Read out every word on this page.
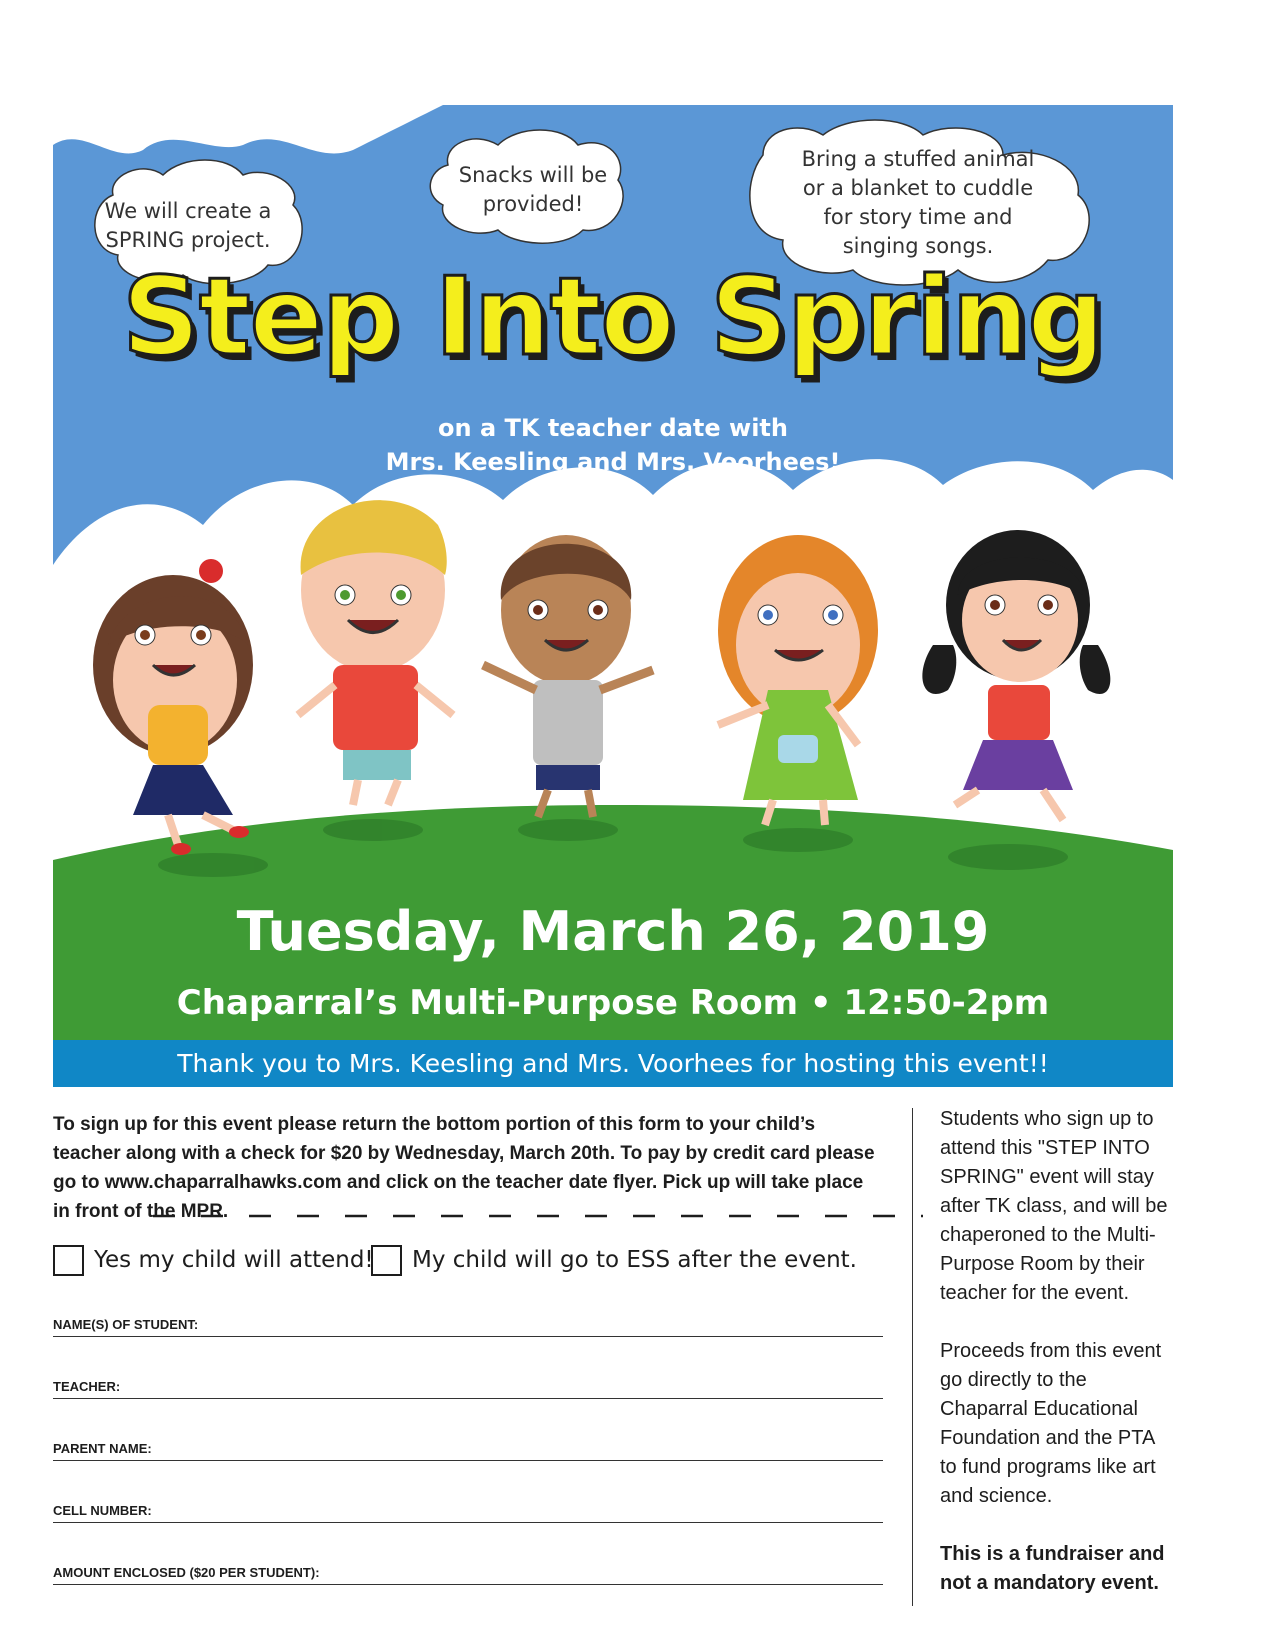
We will create a SPRING project.
Snacks will be provided!
Bring a stuffed animal or a blanket to cuddle for story time and singing songs.
Step Into Spring
on a TK teacher date with
Mrs. Keesling and Mrs. Voorhees!
Tuesday, March 26, 2019
Chaparral’s Multi-Purpose Room • 12:50-2pm
Thank you to Mrs. Keesling and Mrs. Voorhees for hosting this event!!

To sign up for this event please return the bottom portion of this form to your child’s teacher along with a check for $20 by Wednesday, March 20th. To pay by credit card please go to www.chaparralhawks.com and click on the teacher date flyer. Pick up will take place in front of the MPR.

Yes my child will attend! My child will go to ESS after the event.
NAME(S) OF STUDENT:
TEACHER:
PARENT NAME:
CELL NUMBER:
AMOUNT ENCLOSED ($20 PER STUDENT):

Students who sign up to attend this "STEP INTO SPRING" event will stay after TK class, and will be chaperoned to the Multi-Purpose Room by their teacher for the event.

Proceeds from this event go directly to the Chaparral Educational Foundation and the PTA to fund programs like art and science.

This is a fundraiser and not a mandatory event.
